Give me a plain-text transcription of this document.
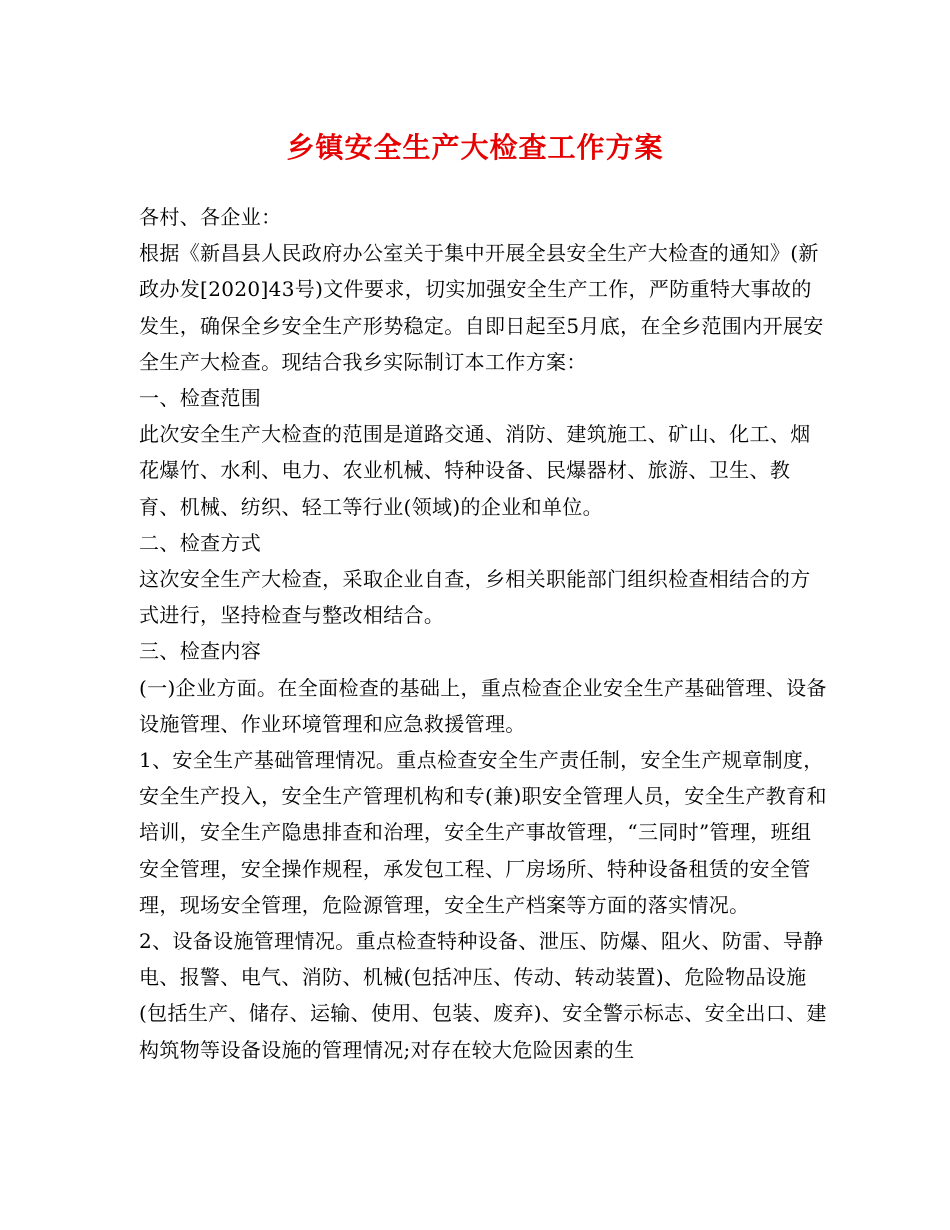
乡镇安全生产大检查工作方案

各村、各企业：

根据《新昌县人民政府办公室关于集中开展全县安全生产大检查的通知》(新政办发[2020]43号)文件要求，切实加强安全生产工作，严防重特大事故的发生，确保全乡安全生产形势稳定。自即日起至5月底，在全乡范围内开展安全生产大检查。现结合我乡实际制订本工作方案：

一、检查范围

此次安全生产大检查的范围是道路交通、消防、建筑施工、矿山、化工、烟花爆竹、水利、电力、农业机械、特种设备、民爆器材、旅游、卫生、教育、机械、纺织、轻工等行业(领域)的企业和单位。

二、检查方式

这次安全生产大检查，采取企业自查，乡相关职能部门组织检查相结合的方式进行，坚持检查与整改相结合。

三、检查内容

(一)企业方面。在全面检查的基础上，重点检查企业安全生产基础管理、设备设施管理、作业环境管理和应急救援管理。

1、安全生产基础管理情况。重点检查安全生产责任制，安全生产规章制度，安全生产投入，安全生产管理机构和专(兼)职安全管理人员，安全生产教育和培训，安全生产隐患排查和治理，安全生产事故管理，“三同时”管理，班组安全管理，安全操作规程，承发包工程、厂房场所、特种设备租赁的安全管理，现场安全管理，危险源管理，安全生产档案等方面的落实情况。

2、设备设施管理情况。重点检查特种设备、泄压、防爆、阻火、防雷、导静电、报警、电气、消防、机械(包括冲压、传动、转动装置)、危险物品设施(包括生产、储存、运输、使用、包装、废弃)、安全警示标志、安全出口、建构筑物等设备设施的管理情况;对存在较大危险因素的生
